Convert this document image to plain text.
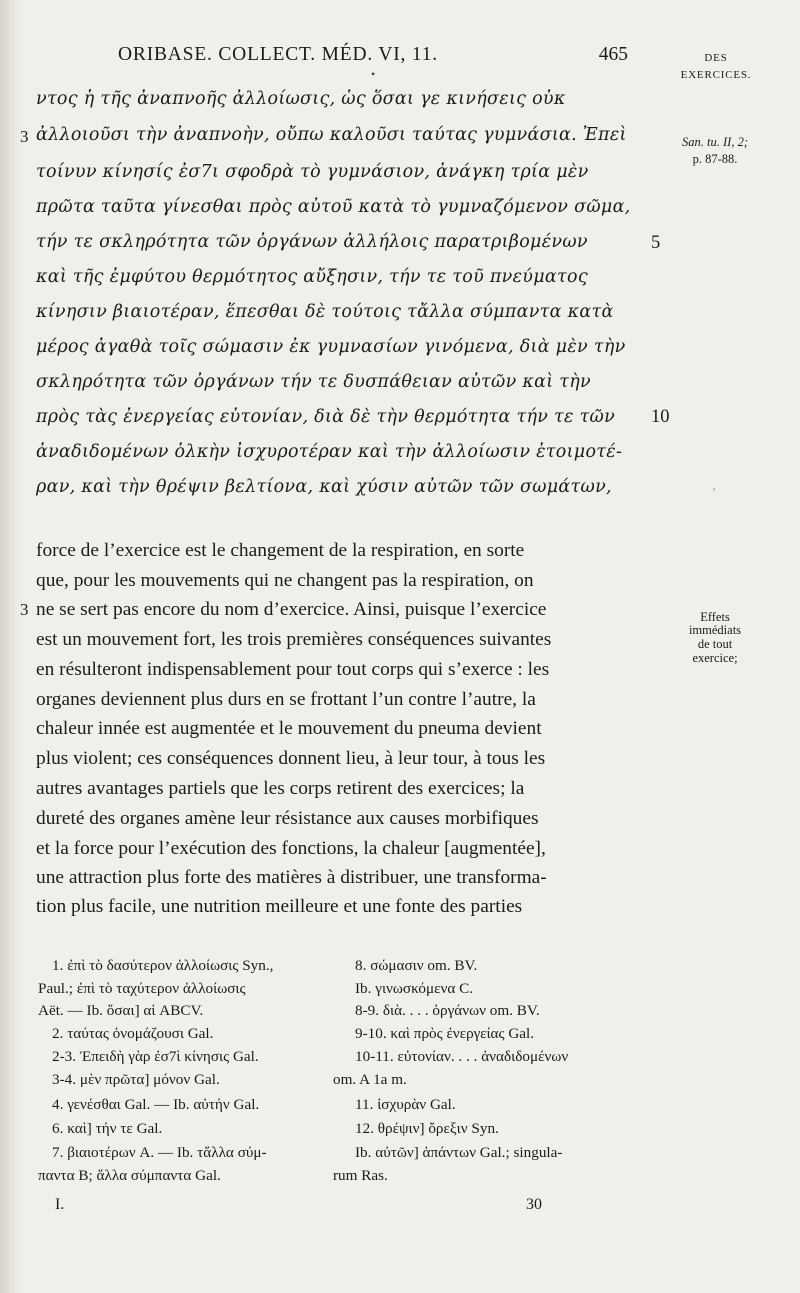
ORIBASE. COLLECT. MÉD. VI, 11.	465
•
DES
EXERCICES.
San. tu. II, 2;
p. 87-88.
ντος ἡ τῆς ἀναπνοῆς ἀλλοίωσις, ὡς ὅσαι γε κινήσεις οὐκ
ἀλλοιοῦσι τὴν ἀναπνοὴν, οὔπω καλοῦσι ταύτας γυμνάσια. Ἐπεὶ
τοίνυν κίνησίς ἐσ7ι σφοδρὰ τὸ γυμνάσιον, ἀνάγκη τρία μὲν
πρῶτα ταῦτα γίνεσθαι πρὸς αὐτοῦ κατὰ τὸ γυμναζόμενον σῶμα,
τήν τε σκληρότητα τῶν ὀργάνων ἀλλήλοις παρατριβομένων
καὶ τῆς ἐμφύτου θερμότητος αὔξησιν, τήν τε τοῦ πνεύματος
κίνησιν βιαιοτέραν, ἕπεσθαι δὲ τούτοις τἄλλα σύμπαντα κατὰ
μέρος ἀγαθὰ τοῖς σώμασιν ἐκ γυμνασίων γινόμενα, διὰ μὲν τὴν
σκληρότητα τῶν ὀργάνων τήν τε δυσπάθειαν αὐτῶν καὶ τὴν
πρὸς τὰς ἐνεργείας εὐτονίαν, διὰ δὲ τὴν θερμότητα τήν τε τῶν
ἀναδιδομένων ὁλκὴν ἰσχυροτέραν καὶ τὴν ἀλλοίωσιν ἑτοιμοτέ-
ραν, καὶ τὴν θρέψιν βελτίονα, καὶ χύσιν αὐτῶν τῶν σωμάτων,
3
5
10
˒
force de l’exercice est le changement de la respiration, en sorte
que, pour les mouvements qui ne changent pas la respiration, on
ne se sert pas encore du nom d’exercice. Ainsi, puisque l’exercice
est un mouvement fort, les trois premières conséquences suivantes
en résulteront indispensablement pour tout corps qui s’exerce : les
organes deviennent plus durs en se frottant l’un contre l’autre, la
chaleur innée est augmentée et le mouvement du pneuma devient
plus violent; ces conséquences donnent lieu, à leur tour, à tous les
autres avantages partiels que les corps retirent des exercices; la
dureté des organes amène leur résistance aux causes morbifiques
et la force pour l’exécution des fonctions, la chaleur [augmentée],
une attraction plus forte des matières à distribuer, une transforma-
tion plus facile, une nutrition meilleure et une fonte des parties
3	Effets
immédiats
de tout
exercice;
1. ἐπὶ τὸ δασύτερον ἀλλοίωσις Syn.,
Paul.; ἐπὶ τὸ ταχύτερον ἀλλοίωσις
Aët. — Ib. ὅσαι] αἱ ABCV.
2. ταύτας ὀνομάζουσι Gal.
2-3. Ἐπειδὴ γὰρ ἐσ7ὶ κίνησις Gal.
3-4. μὲν πρῶτα] μόνον Gal.
4. γενέσθαι Gal. — Ib. αὐτήν Gal.
6. καὶ] τήν τε Gal.
7. βιαιοτέρων A. — Ib. τἄλλα σύμ-
παντα B; ἄλλα σύμπαντα Gal.
8. σώμασιν om. BV.
Ib. γινωσκόμενα C.
8-9. διὰ. . . . ὀργάνων om. BV.
9-10. καὶ πρὸς ἐνεργείας Gal.
10-11. εὐτονίαν. . . . ἀναδιδομένων
om. A 1a m.
11. ἰσχυρὰν Gal.
12. θρέψιν] ὄρεξιν Syn.
Ib. αὐτῶν] ἁπάντων Gal.; singula-
rum Ras.
I.	30
